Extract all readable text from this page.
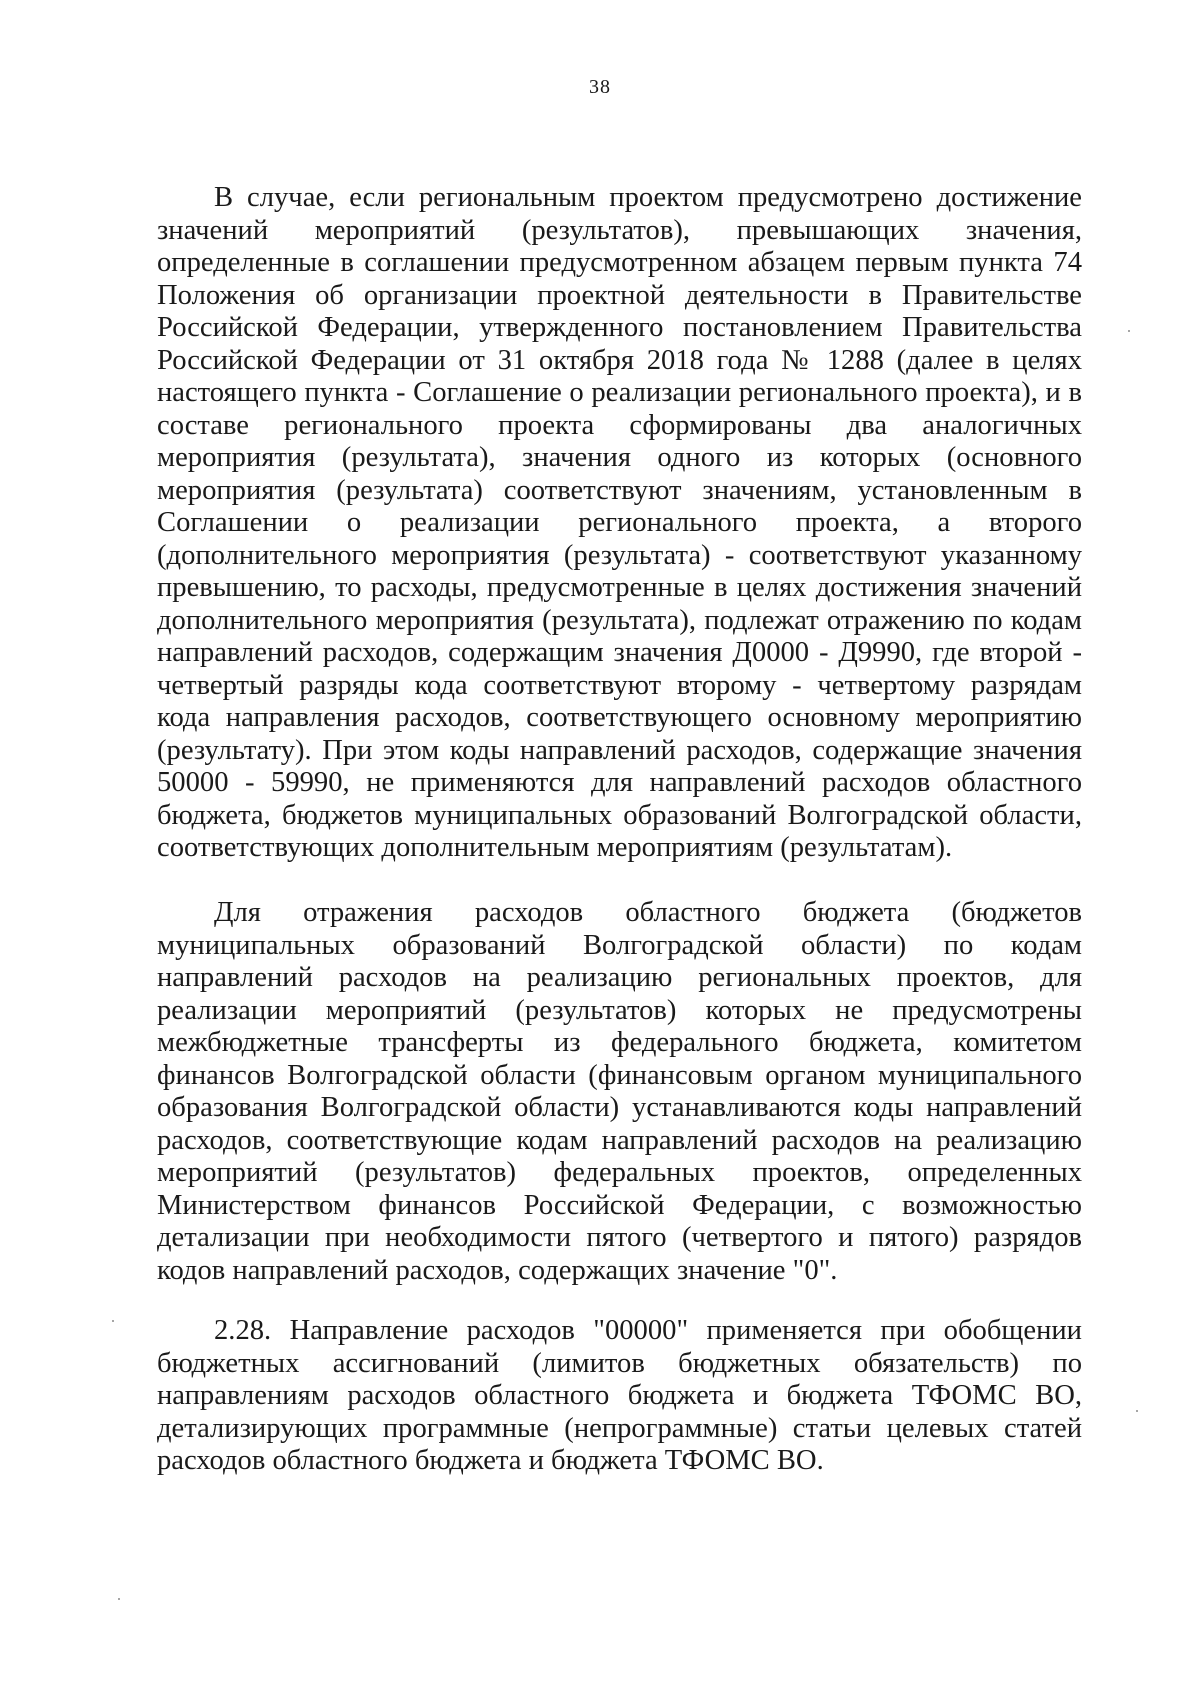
38

В случае, если региональным проектом предусмотрено достижение значений мероприятий (результатов), превышающих значения, определенные в соглашении предусмотренном абзацем первым пункта 74 Положения об организации проектной деятельности в Правительстве Российской Федерации, утвержденного постановлением Правительства Российской Федерации от 31 октября 2018 года № 1288 (далее в целях настоящего пункта - Соглашение о реализации регионального проекта), и в составе регионального проекта сформированы два аналогичных мероприятия (результата), значения одного из которых (основного мероприятия (результата) соответствуют значениям, установленным в Соглашении о реализации регионального проекта, а второго (дополнительного мероприятия (результата) - соответствуют указанному превышению, то расходы, предусмотренные в целях достижения значений дополнительного мероприятия (результата), подлежат отражению по кодам направлений расходов, содержащим значения Д0000 - Д9990, где второй - четвертый разряды кода соответствуют второму - четвертому разрядам кода направления расходов, соответствующего основному мероприятию (результату). При этом коды направлений расходов, содержащие значения 50000 - 59990, не применяются для направлений расходов областного бюджета, бюджетов муниципальных образований Волгоградской области, соответствующих дополнительным мероприятиям (результатам).

Для отражения расходов областного бюджета (бюджетов муниципальных образований Волгоградской области) по кодам направлений расходов на реализацию региональных проектов, для реализации мероприятий (результатов) которых не предусмотрены межбюджетные трансферты из федерального бюджета, комитетом финансов Волгоградской области (финансовым органом муниципального образования Волгоградской области) устанавливаются коды направлений расходов, соответствующие кодам направлений расходов на реализацию мероприятий (результатов) федеральных проектов, определенных Министерством финансов Российской Федерации, с возможностью детализации при необходимости пятого (четвертого и пятого) разрядов кодов направлений расходов, содержащих значение "0".

2.28. Направление расходов "00000" применяется при обобщении бюджетных ассигнований (лимитов бюджетных обязательств) по направлениям расходов областного бюджета и бюджета ТФОМС ВО, детализирующих программные (непрограммные) статьи целевых статей расходов областного бюджета и бюджета ТФОМС ВО.
